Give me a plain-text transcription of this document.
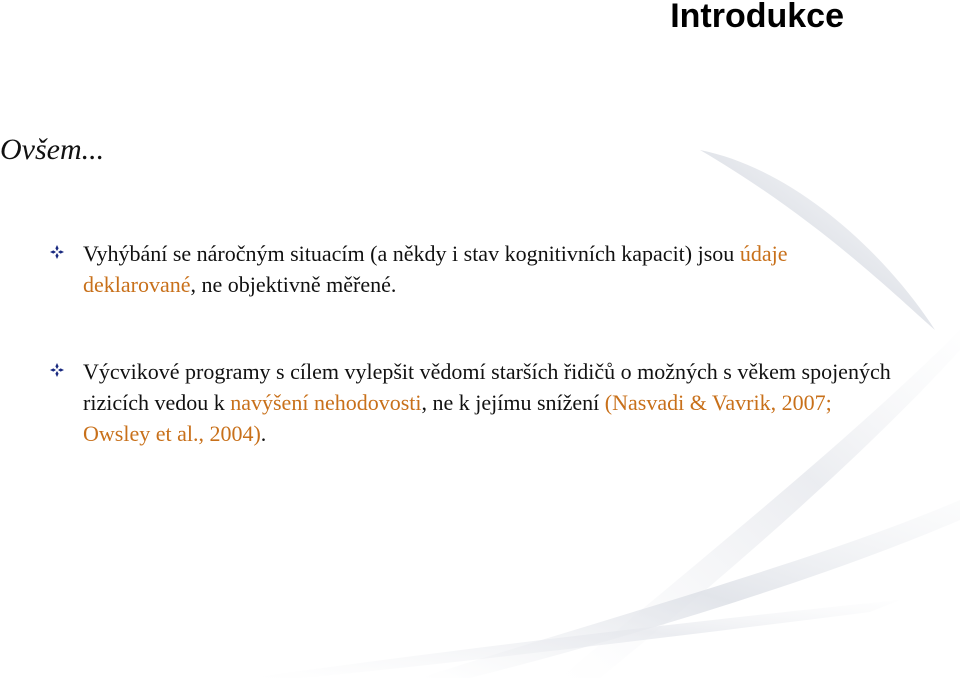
Introdukce
Ovšem...
Vyhýbání se náročným situacím (a někdy i stav kognitivních kapacit) jsou údaje deklarované, ne objektivně měřené.
Výcvikové programy s cílem vylepšit vědomí starších řidičů o možných s věkem spojených rizicích vedou k navýšení nehodovosti, ne k jejímu snížení (Nasvadi & Vavrik, 2007; Owsley et al., 2004).
